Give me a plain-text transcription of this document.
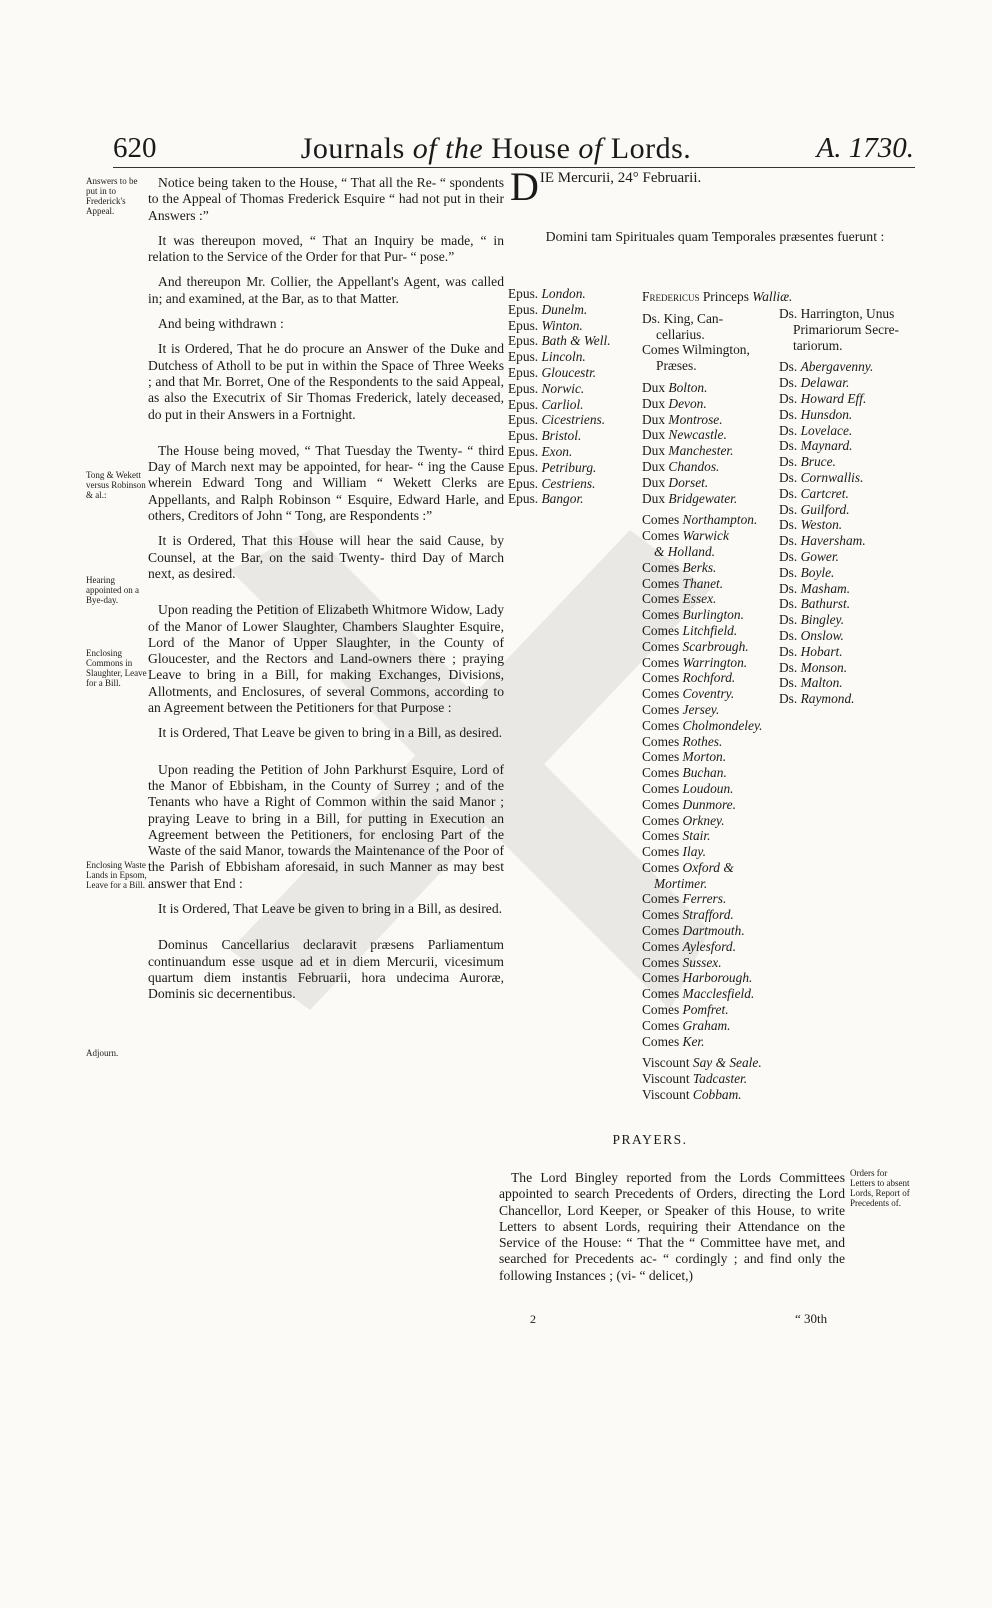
620	Journals of the House of Lords.	A. 1730.
Answers to be put in to Frederick's Appeal.
Tong & Wekett versus Robinson & al.:
Hearing appointed on a Bye-day.
Enclosing Commons in Slaughter, Leave for a Bill.
Enclosing Waste Lands in Epsom, Leave for a Bill.
Adjourn.
Orders for Letters to absent Lords, Report of Precedents of.

Notice being taken to the House, “ That all the Re- “ spondents to the Appeal of Thomas Frederick Esquire “ had not put in their Answers :”

It was thereupon moved, “ That an Inquiry be made, “ in relation to the Service of the Order for that Pur- “ pose.”

And thereupon Mr. Collier, the Appellant's Agent, was called in; and examined, at the Bar, as to that Matter.

And being withdrawn :

It is Ordered, That he do procure an Answer of the Duke and Dutchess of Atholl to be put in within the Space of Three Weeks ; and that Mr. Borret, One of the Respondents to the said Appeal, as also the Executrix of Sir Thomas Frederick, lately deceased, do put in their Answers in a Fortnight.

The House being moved, “ That Tuesday the Twenty- “ third Day of March next may be appointed, for hear- “ ing the Cause wherein Edward Tong and William “ Wekett Clerks are Appellants, and Ralph Robinson “ Esquire, Edward Harle, and others, Creditors of John “ Tong, are Respondents :”

It is Ordered, That this House will hear the said Cause, by Counsel, at the Bar, on the said Twenty- third Day of March next, as desired.

Upon reading the Petition of Elizabeth Whitmore Widow, Lady of the Manor of Lower Slaughter, Chambers Slaughter Esquire, Lord of the Manor of Upper Slaughter, in the County of Gloucester, and the Rectors and Land-owners there ; praying Leave to bring in a Bill, for making Exchanges, Divisions, Allotments, and Enclosures, of several Commons, according to an Agreement between the Petitioners for that Purpose :

It is Ordered, That Leave be given to bring in a Bill, as desired.

Upon reading the Petition of John Parkhurst Esquire, Lord of the Manor of Ebbisham, in the County of Surrey ; and of the Tenants who have a Right of Common within the said Manor ; praying Leave to bring in a Bill, for putting in Execution an Agreement between the Petitioners, for enclosing Part of the Waste of the said Manor, towards the Maintenance of the Poor of the Parish of Ebbisham aforesaid, in such Manner as may best answer that End :

It is Ordered, That Leave be given to bring in a Bill, as desired.

Dominus Cancellarius declaravit præsens Parliamentum continuandum esse usque ad et in diem Mercurii, vicesimum quartum diem instantis Februarii, hora undecima Auroræ, Dominis sic decernentibus.

DIE Mercurii, 24° Februarii.
Domini tam Spirituales quam Temporales præsentes fuerunt :
Epus. London.
Epus. Dunelm.
Epus. Winton.
Epus. Bath & Well.
Epus. Lincoln.
Epus. Gloucestr.
Epus. Norwic.
Epus. Carliol.
Epus. Cicestriens.
Epus. Bristol.
Epus. Exon.
Epus. Petriburg.
Epus. Cestriens.
Epus. Bangor.
Fredericus Princeps Walliæ.
Ds. King, Can-
cellarius.
Comes Wilmington,
Præses.
Dux Bolton.
Dux Devon.
Dux Montrose.
Dux Newcastle.
Dux Manchester.
Dux Chandos.
Dux Dorset.
Dux Bridgewater.
Comes Northampton.
Comes Warwick
& Holland.
Comes Berks.
Comes Thanet.
Comes Essex.
Comes Burlington.
Comes Litchfield.
Comes Scarbrough.
Comes Warrington.
Comes Rochford.
Comes Coventry.
Comes Jersey.
Comes Cholmondeley.
Comes Rothes.
Comes Morton.
Comes Buchan.
Comes Loudoun.
Comes Dunmore.
Comes Orkney.
Comes Stair.
Comes Ilay.
Comes Oxford &
Mortimer.
Comes Ferrers.
Comes Strafford.
Comes Dartmouth.
Comes Aylesford.
Comes Sussex.
Comes Harborough.
Comes Macclesfield.
Comes Pomfret.
Comes Graham.
Comes Ker.
Viscount Say & Seale.
Viscount Tadcaster.
Viscount Cobbam.
Ds. Harrington, Unus
Primariorum Secre-
tariorum.
Ds. Abergavenny.
Ds. Delawar.
Ds. Howard Eff.
Ds. Hunsdon.
Ds. Lovelace.
Ds. Maynard.
Ds. Bruce.
Ds. Cornwallis.
Ds. Cartcret.
Ds. Guilford.
Ds. Weston.
Ds. Haversham.
Ds. Gower.
Ds. Boyle.
Ds. Masham.
Ds. Bathurst.
Ds. Bingley.
Ds. Onslow.
Ds. Hobart.
Ds. Monson.
Ds. Malton.
Ds. Raymond.
PRAYERS.

The Lord Bingley reported from the Lords Committees appointed to search Precedents of Orders, directing the Lord Chancellor, Lord Keeper, or Speaker of this House, to write Letters to absent Lords, requiring their Attendance on the Service of the House: “ That the “ Committee have met, and searched for Precedents ac- “ cordingly ; and find only the following Instances ; (vi- “ delicet,)

2	“ 30th
